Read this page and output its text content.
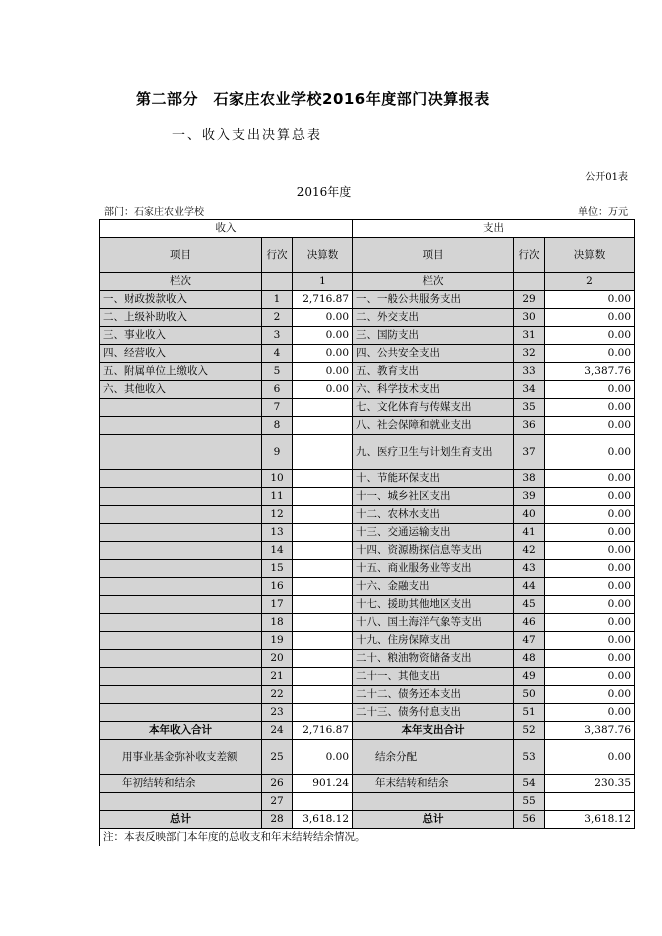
第二部分　石家庄农业学校2016年度部门决算报表
一、收入支出决算总表
公开01表
2016年度
部门：石家庄农业学校	单位：万元
收入			支出		
项目	行次	决算数	项目	行次	决算数
栏次		1	栏次		2
一、财政拨款收入	1	2,716.87	一、一般公共服务支出	29	0.00
二、上级补助收入	2	0.00	二、外交支出	30	0.00
三、事业收入	3	0.00	三、国防支出	31	0.00
四、经营收入	4	0.00	四、公共安全支出	32	0.00
五、附属单位上缴收入	5	0.00	五、教育支出	33	3,387.76
六、其他收入	6	0.00	六、科学技术支出	34	0.00
	7		七、文化体育与传媒支出	35	0.00
	8		八、社会保障和就业支出	36	0.00
	9		九、医疗卫生与计划生育支出	37	0.00
	10		十、节能环保支出	38	0.00
	11		十一、城乡社区支出	39	0.00
	12		十二、农林水支出	40	0.00
	13		十三、交通运输支出	41	0.00
	14		十四、资源勘探信息等支出	42	0.00
	15		十五、商业服务业等支出	43	0.00
	16		十六、金融支出	44	0.00
	17		十七、援助其他地区支出	45	0.00
	18		十八、国土海洋气象等支出	46	0.00
	19		十九、住房保障支出	47	0.00
	20		二十、粮油物资储备支出	48	0.00
	21		二十一、其他支出	49	0.00
	22		二十二、债务还本支出	50	0.00
	23		二十三、债务付息支出	51	0.00
本年收入合计	24	2,716.87	本年支出合计	52	3,387.76
用事业基金弥补收支差额	25	0.00	结余分配	53	0.00
年初结转和结余	26	901.24	年末结转和结余	54	230.35
	27			55	
总计	28	3,618.12	总计	56	3,618.12
注：本表反映部门本年度的总收支和年末结转结余情况。					
